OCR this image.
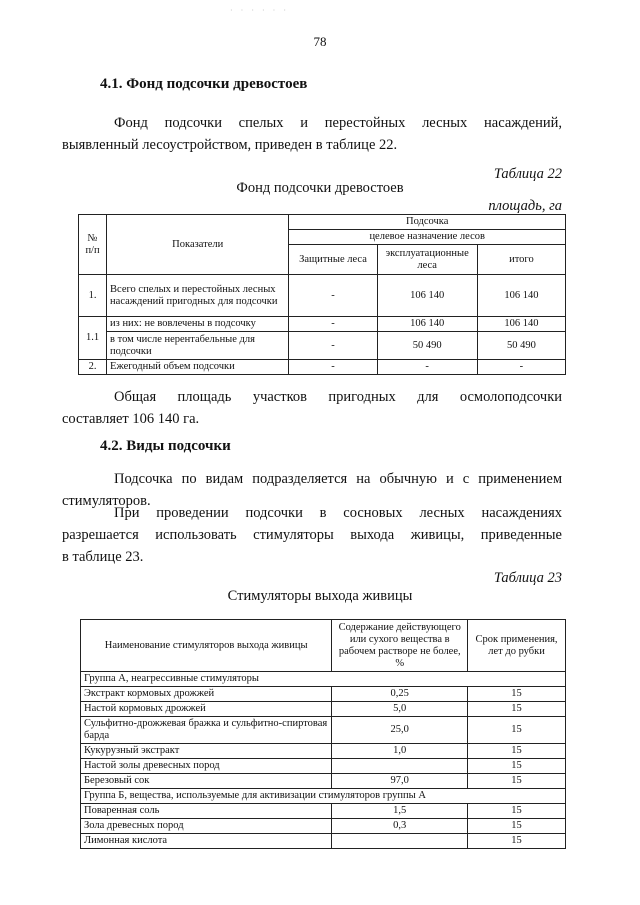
· · · · · ·
78
4.1. Фонд подсочки древостоев
Фонд подсочки спелых и перестойных лесных насаждений,
выявленный лесоустройством, приведен в таблице 22.
Таблица 22
Фонд подсочки древостоев
площадь, га
№ п/п	Показатели	Подсочка		
		целевое назначение лесов		
		Защитные леса	эксплуатационные леса	итого
1.	Всего спелых и перестойных лесных насаждений пригодных для подсочки	-	106 140	106 140
1.1	из них: не вовлечены в подсочку	-	106 140	106 140
	в том числе нерентабельные для подсочки	-	50 490	50 490
2.	Ежегодный объем подсочки	-	-	-
Общая площадь участков пригодных для осмолоподсочки
составляет 106 140 га.
4.2. Виды подсочки
Подсочка по видам подразделяется на обычную и с применением
стимуляторов.
При проведении подсочки в сосновых лесных насаждениях
разрешается использовать стимуляторы выхода живицы, приведенные
в таблице 23.
Таблица 23
Стимуляторы выхода живицы
Наименование стимуляторов выхода живицы	Содержание действующего или сухого вещества в рабочем растворе не более, %	Срок применения, лет до рубки
Группа А, неагрессивные стимуляторы		
Экстракт кормовых дрожжей	0,25	15
Настой кормовых дрожжей	5,0	15
Сульфитно-дрожжевая бражка и сульфитно-спиртовая барда	25,0	15
Кукурузный экстракт	1,0	15
Настой золы древесных пород		15
Березовый сок	97,0	15
Группа Б, вещества, используемые для активизации стимуляторов группы А		
Поваренная соль	1,5	15
Зола древесных пород	0,3	15
Лимонная кислота		15
